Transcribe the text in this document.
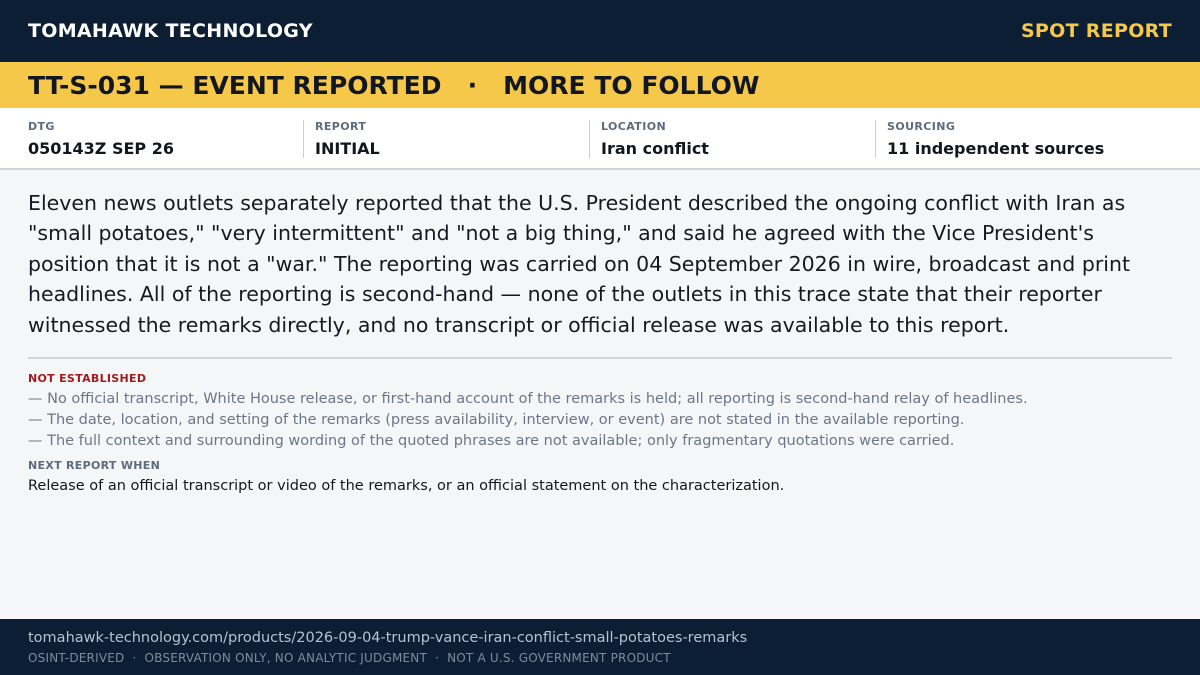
TOMAHAWK TECHNOLOGY	SPOT REPORT
TT-S-031 — EVENT REPORTED   ·   MORE TO FOLLOW
DTG
050143Z SEP 26
REPORT
INITIAL
LOCATION
Iran conflict
SOURCING
11 independent sources

Eleven news outlets separately reported that the U.S. President described the ongoing conflict with Iran as "small potatoes," "very intermittent" and "not a big thing," and said he agreed with the Vice President's position that it is not a "war." The reporting was carried on 04 September 2026 in wire, broadcast and print headlines. All of the reporting is second-hand — none of the outlets in this trace state that their reporter witnessed the remarks directly, and no transcript or official release was available to this report.

NOT ESTABLISHED
— No official transcript, White House release, or first-hand account of the remarks is held; all reporting is second-hand relay of headlines.
— The date, location, and setting of the remarks (press availability, interview, or event) are not stated in the available reporting.
— The full context and surrounding wording of the quoted phrases are not available; only fragmentary quotations were carried.
NEXT REPORT WHEN
Release of an official transcript or video of the remarks, or an official statement on the characterization.
tomahawk-technology.com/products/2026-09-04-trump-vance-iran-conflict-small-potatoes-remarks
OSINT-DERIVED  ·  OBSERVATION ONLY, NO ANALYTIC JUDGMENT  ·  NOT A U.S. GOVERNMENT PRODUCT
